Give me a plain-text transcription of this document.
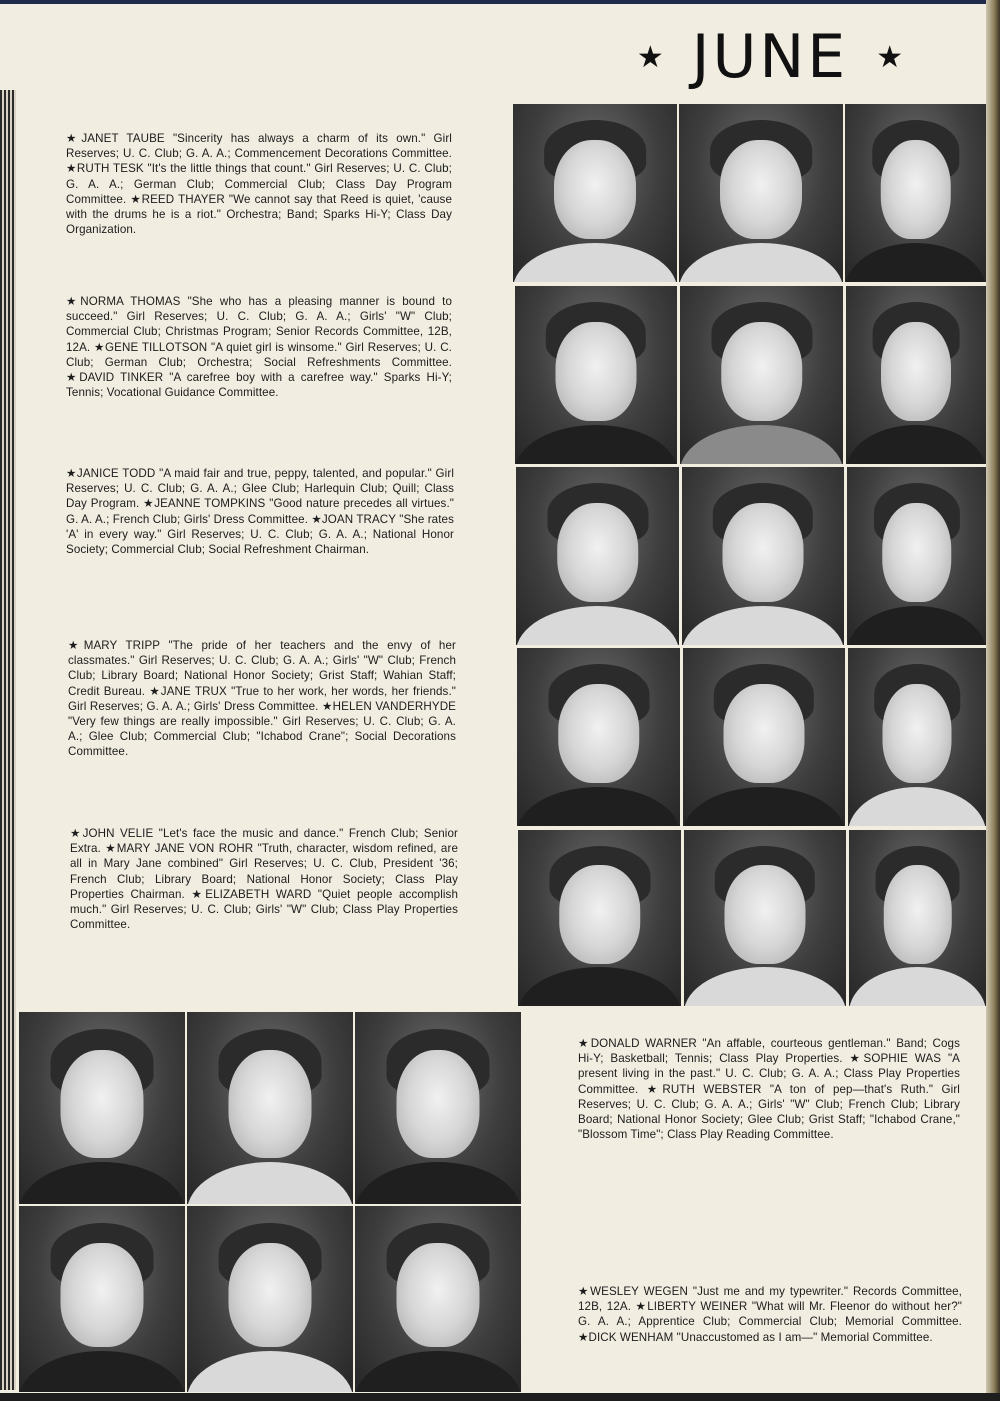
★ JUNE ★
★JANET TAUBE "Sincerity has always a charm of its own." Girl Reserves; U. C. Club; G. A. A.; Commencement Decorations Committee. ★RUTH TESK "It's the little things that count." Girl Reserves; U. C. Club; G. A. A.; German Club; Commercial Club; Class Day Program Committee. ★REED THAYER "We cannot say that Reed is quiet, 'cause with the drums he is a riot." Orchestra; Band; Sparks Hi-Y; Class Day Organization.
★NORMA THOMAS "She who has a pleasing manner is bound to succeed." Girl Reserves; U. C. Club; G. A. A.; Girls' "W" Club; Commercial Club; Christmas Program; Senior Records Committee, 12B, 12A. ★GENE TILLOTSON "A quiet girl is winsome." Girl Reserves; U. C. Club; German Club; Orchestra; Social Refreshments Committee. ★DAVID TINKER "A carefree boy with a carefree way." Sparks Hi-Y; Tennis; Vocational Guidance Committee.
★JANICE TODD "A maid fair and true, peppy, talented, and popular." Girl Reserves; U. C. Club; G. A. A.; Glee Club; Harlequin Club; Quill; Class Day Program. ★JEANNE TOMPKINS "Good nature precedes all virtues." G. A. A.; French Club; Girls' Dress Committee. ★JOAN TRACY "She rates 'A' in every way." Girl Reserves; U. C. Club; G. A. A.; National Honor Society; Commercial Club; Social Refreshment Chairman.
★MARY TRIPP "The pride of her teachers and the envy of her classmates." Girl Reserves; U. C. Club; G. A. A.; Girls' "W" Club; French Club; Library Board; National Honor Society; Grist Staff; Wahian Staff; Credit Bureau. ★JANE TRUX "True to her work, her words, her friends." Girl Reserves; G. A. A.; Girls' Dress Committee. ★HELEN VANDERHYDE "Very few things are really impossible." Girl Reserves; U. C. Club; G. A. A.; Glee Club; Commercial Club; "Ichabod Crane"; Social Decorations Committee.
★JOHN VELIE "Let's face the music and dance." French Club; Senior Extra. ★MARY JANE VON ROHR "Truth, character, wisdom refined, are all in Mary Jane combined" Girl Reserves; U. C. Club, President '36; French Club; Library Board; National Honor Society; Class Play Properties Chairman. ★ELIZABETH WARD "Quiet people accomplish much." Girl Reserves; U. C. Club; Girls' "W" Club; Class Play Properties Committee.
★DONALD WARNER "An affable, courteous gentleman." Band; Cogs Hi-Y; Basketball; Tennis; Class Play Properties. ★SOPHIE WAS "A present living in the past." U. C. Club; G. A. A.; Class Play Properties Committee. ★RUTH WEBSTER "A ton of pep—that's Ruth." Girl Reserves; U. C. Club; G. A. A.; Girls' "W" Club; French Club; Library Board; National Honor Society; Glee Club; Grist Staff; "Ichabod Crane," "Blossom Time"; Class Play Reading Committee.
★WESLEY WEGEN "Just me and my typewriter." Records Committee, 12B, 12A. ★LIBERTY WEINER "What will Mr. Fleenor do without her?" G. A. A.; Apprentice Club; Commercial Club; Memorial Committee. ★DICK WENHAM "Unaccustomed as I am—" Memorial Committee.
